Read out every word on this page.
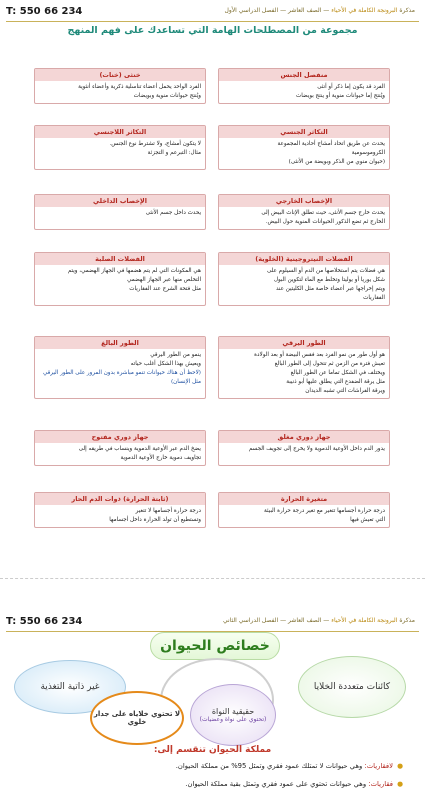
T: 550 66 234	مذكرة البرونجة الكاملة في الأحياء — الصف العاشر — الفصل الدراسي الأول
مجموعة من المصطلحات الهامة التي تساعدك على فهم المنهج
منفصل الجنس

الفرد قد يكون إما ذكر أو أنثى

ويُنتج إما حيوانات منوية أو ينتج بويضات

خنثى (خنات)

الفرد الواحد يحمل أعضاء تناسلية ذكرية وأعضاء أنثوية

ويُنتج حيوانات منوية وبويضات

التكاثر الجنسي

يحدث عن طريق اتحاد أمشاج أحادية المجموعة

الكروموسومية

(حيوان منوي من الذكر وبويضة من الأنثى)

التكاثر اللاجنسي

لا يتكون أمشاج، ولا تشترط نوع الجنس.

مثال: التبرعم و التجزئة

الإخصاب الخارجي

يحدث خارج جسم الأنثى، حيث تطلق الإناث البيض إلى

الخارج ثم تضع الذكور الحيوانات المنوية حول البيض.

الإخصاب الداخلي

يحدث داخل جسم الأنثى

الفضلات النيتروجينية (الخلوية)

هي فضلات يتم استخلاصها من الدم أو السيلوم على

شكل يوريا أو يوليتا وتخلط مع الماء لتكوين البول

ويتم إخراجها عبر أعضاء خاصة مثل الكليتين عند

الفقاريات

الفضلات الصلبة

هي المكونات التي لم يتم هضمها في الجهاز الهضمي، ويتم

التخلص منها عبر الجهاز الهضمي

مثل فتحة الشرج عند الفقاريات

الطور اليرقي

هو أول طور من نمو الفرد بعد فقس البيضة أو بعد الولادة

تعيش فترة من الزمن ثم تتحول إلى الطور البالغ

ويختلف في الشكل تماما عن الطور البالغ

مثل يرقة الضفدع التي يطلق عليها أبو ذنيبة

ويرقة الفراشات التي تشبه الديدان

الطور البالغ

ينمو من الطور اليرقي

ويعيش بهذا الشكل أغلب حياته

(لاحظ أن هناك حيوانات تنمو مباشرة بدون المرور على الطور اليرقي مثل الإنسان)

جهاز دوري مغلق

يدور الدم داخل الأوعية الدموية ولا يخرج إلى تجويف الجسم

جهاز دوري مفتوح

يضخ الدم عبر الأوعية الدموية وينساب في طريقه إلى

تجاويف دموية خارج الأوعية الدموية

متغيرة الحرارة

درجة حرارة أجسامها تتغير مع تغير درجة حرارة البيئة

التي تعيش فيها

(ثابتة الحرارة) ذوات الدم الحار

درجة حرارة أجسامها لا تتغير

وتستطيع أن تولد الحرارة داخل أجسامها

T: 550 66 234	مذكرة البرونجة الكاملة في الأحياء — الصف العاشر — الفصل الدراسي الثاني
خصائص الحيوان
غير ذاتية التغذية	كائنات متعددة الخلايا
حقيقية النواة
(تحتوي على نواة وعضيات)
لا تحتوي خلاياه على جدار خلوي
مملكة الحيوان تنقسم إلى:
●لافقاريات: وهي حيوانات لا تمتلك عمود فقري وتمثل 95% من مملكة الحيوان.
●فقاريات: وهي حيوانات تحتوي على عمود فقري وتمثل بقية مملكة الحيوان.
